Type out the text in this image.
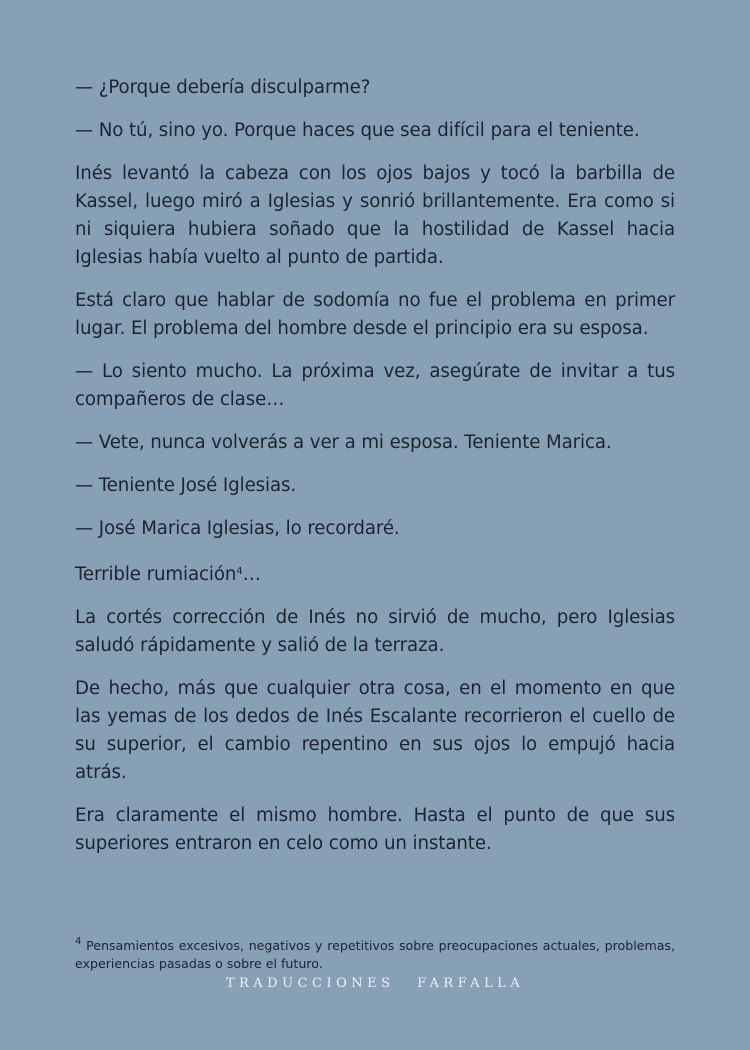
— ¿Porque debería disculparme?

— No tú, sino yo. Porque haces que sea difícil para el teniente.

Inés levantó la cabeza con los ojos bajos y tocó la barbilla de Kassel, luego miró a Iglesias y sonrió brillantemente. Era como si ni siquiera hubiera soñado que la hostilidad de Kassel hacia Iglesias había vuelto al punto de partida.

Está claro que hablar de sodomía no fue el problema en primer lugar. El problema del hombre desde el principio era su esposa.

— Lo siento mucho. La próxima vez, asegúrate de invitar a tus compañeros de clase…

— Vete, nunca volverás a ver a mi esposa. Teniente Marica.

— Teniente José Iglesias.

— José Marica Iglesias, lo recordaré.

Terrible rumiación$^4$…

La cortés corrección de Inés no sirvió de mucho, pero Iglesias saludó rápidamente y salió de la terraza.

De hecho, más que cualquier otra cosa, en el momento en que las yemas de los dedos de Inés Escalante recorrieron el cuello de su superior, el cambio repentino en sus ojos lo empujó hacia atrás.

Era claramente el mismo hombre. Hasta el punto de que sus superiores entraron en celo como un instante.

$^4$ Pensamientos excesivos, negativos y repetitivos sobre preocupaciones actuales, problemas, experiencias pasadas o sobre el futuro.
TRADUCCIONES FARFALLA
